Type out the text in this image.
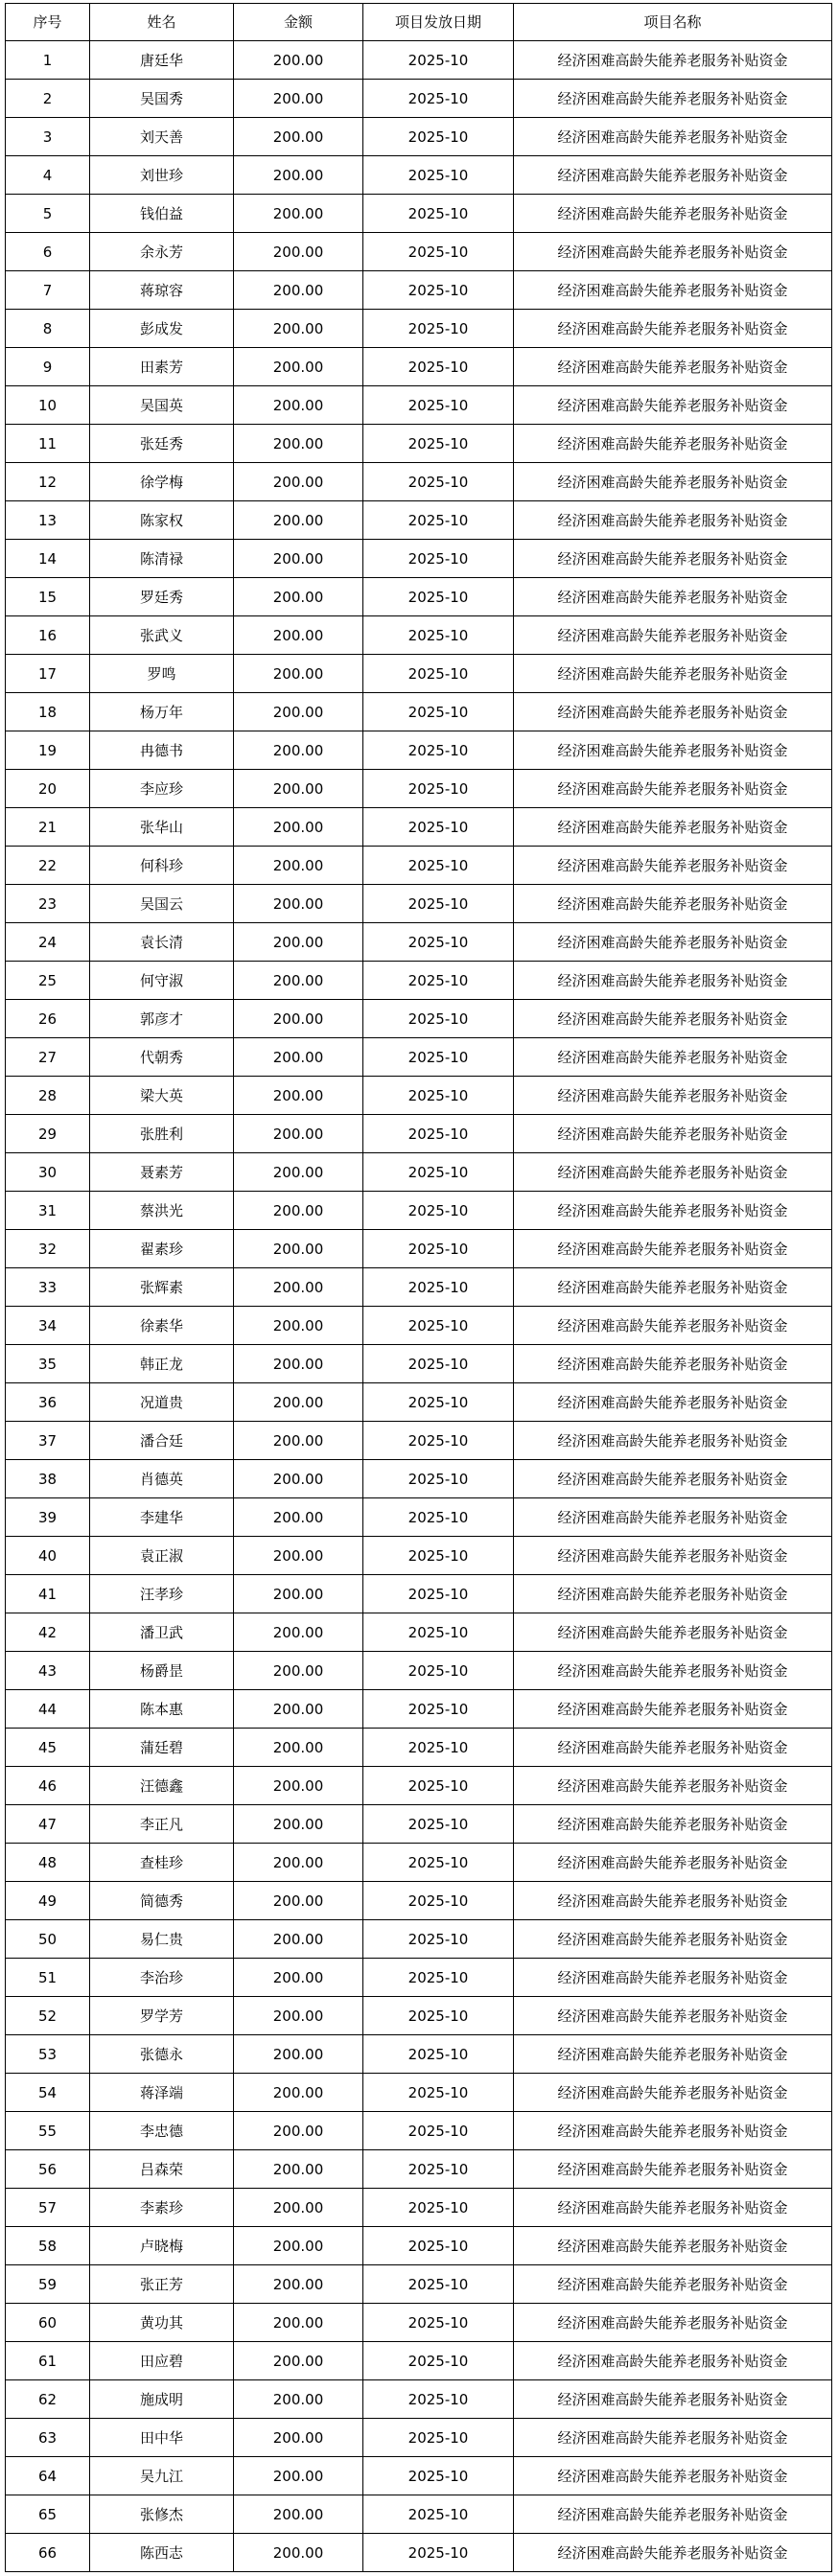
序号	姓名	金额	项目发放日期	项目名称
1	唐廷华	200.00	2025-10	经济困难高龄失能养老服务补贴资金
2	吴国秀	200.00	2025-10	经济困难高龄失能养老服务补贴资金
3	刘天善	200.00	2025-10	经济困难高龄失能养老服务补贴资金
4	刘世珍	200.00	2025-10	经济困难高龄失能养老服务补贴资金
5	钱伯益	200.00	2025-10	经济困难高龄失能养老服务补贴资金
6	余永芳	200.00	2025-10	经济困难高龄失能养老服务补贴资金
7	蒋琼容	200.00	2025-10	经济困难高龄失能养老服务补贴资金
8	彭成发	200.00	2025-10	经济困难高龄失能养老服务补贴资金
9	田素芳	200.00	2025-10	经济困难高龄失能养老服务补贴资金
10	吴国英	200.00	2025-10	经济困难高龄失能养老服务补贴资金
11	张廷秀	200.00	2025-10	经济困难高龄失能养老服务补贴资金
12	徐学梅	200.00	2025-10	经济困难高龄失能养老服务补贴资金
13	陈家权	200.00	2025-10	经济困难高龄失能养老服务补贴资金
14	陈清禄	200.00	2025-10	经济困难高龄失能养老服务补贴资金
15	罗廷秀	200.00	2025-10	经济困难高龄失能养老服务补贴资金
16	张武义	200.00	2025-10	经济困难高龄失能养老服务补贴资金
17	罗鸣	200.00	2025-10	经济困难高龄失能养老服务补贴资金
18	杨万年	200.00	2025-10	经济困难高龄失能养老服务补贴资金
19	冉德书	200.00	2025-10	经济困难高龄失能养老服务补贴资金
20	李应珍	200.00	2025-10	经济困难高龄失能养老服务补贴资金
21	张华山	200.00	2025-10	经济困难高龄失能养老服务补贴资金
22	何科珍	200.00	2025-10	经济困难高龄失能养老服务补贴资金
23	吴国云	200.00	2025-10	经济困难高龄失能养老服务补贴资金
24	袁长清	200.00	2025-10	经济困难高龄失能养老服务补贴资金
25	何守淑	200.00	2025-10	经济困难高龄失能养老服务补贴资金
26	郭彦才	200.00	2025-10	经济困难高龄失能养老服务补贴资金
27	代朝秀	200.00	2025-10	经济困难高龄失能养老服务补贴资金
28	梁大英	200.00	2025-10	经济困难高龄失能养老服务补贴资金
29	张胜利	200.00	2025-10	经济困难高龄失能养老服务补贴资金
30	聂素芳	200.00	2025-10	经济困难高龄失能养老服务补贴资金
31	蔡洪光	200.00	2025-10	经济困难高龄失能养老服务补贴资金
32	翟素珍	200.00	2025-10	经济困难高龄失能养老服务补贴资金
33	张辉素	200.00	2025-10	经济困难高龄失能养老服务补贴资金
34	徐素华	200.00	2025-10	经济困难高龄失能养老服务补贴资金
35	韩正龙	200.00	2025-10	经济困难高龄失能养老服务补贴资金
36	况道贵	200.00	2025-10	经济困难高龄失能养老服务补贴资金
37	潘合廷	200.00	2025-10	经济困难高龄失能养老服务补贴资金
38	肖德英	200.00	2025-10	经济困难高龄失能养老服务补贴资金
39	李建华	200.00	2025-10	经济困难高龄失能养老服务补贴资金
40	袁正淑	200.00	2025-10	经济困难高龄失能养老服务补贴资金
41	汪孝珍	200.00	2025-10	经济困难高龄失能养老服务补贴资金
42	潘卫武	200.00	2025-10	经济困难高龄失能养老服务补贴资金
43	杨爵昰	200.00	2025-10	经济困难高龄失能养老服务补贴资金
44	陈本惠	200.00	2025-10	经济困难高龄失能养老服务补贴资金
45	蒲廷碧	200.00	2025-10	经济困难高龄失能养老服务补贴资金
46	汪德鑫	200.00	2025-10	经济困难高龄失能养老服务补贴资金
47	李正凡	200.00	2025-10	经济困难高龄失能养老服务补贴资金
48	查桂珍	200.00	2025-10	经济困难高龄失能养老服务补贴资金
49	简德秀	200.00	2025-10	经济困难高龄失能养老服务补贴资金
50	易仁贵	200.00	2025-10	经济困难高龄失能养老服务补贴资金
51	李治珍	200.00	2025-10	经济困难高龄失能养老服务补贴资金
52	罗学芳	200.00	2025-10	经济困难高龄失能养老服务补贴资金
53	张德永	200.00	2025-10	经济困难高龄失能养老服务补贴资金
54	蒋泽端	200.00	2025-10	经济困难高龄失能养老服务补贴资金
55	李忠德	200.00	2025-10	经济困难高龄失能养老服务补贴资金
56	吕森荣	200.00	2025-10	经济困难高龄失能养老服务补贴资金
57	李素珍	200.00	2025-10	经济困难高龄失能养老服务补贴资金
58	卢晓梅	200.00	2025-10	经济困难高龄失能养老服务补贴资金
59	张正芳	200.00	2025-10	经济困难高龄失能养老服务补贴资金
60	黄功其	200.00	2025-10	经济困难高龄失能养老服务补贴资金
61	田应碧	200.00	2025-10	经济困难高龄失能养老服务补贴资金
62	施成明	200.00	2025-10	经济困难高龄失能养老服务补贴资金
63	田中华	200.00	2025-10	经济困难高龄失能养老服务补贴资金
64	吴九江	200.00	2025-10	经济困难高龄失能养老服务补贴资金
65	张修杰	200.00	2025-10	经济困难高龄失能养老服务补贴资金
66	陈西志	200.00	2025-10	经济困难高龄失能养老服务补贴资金
